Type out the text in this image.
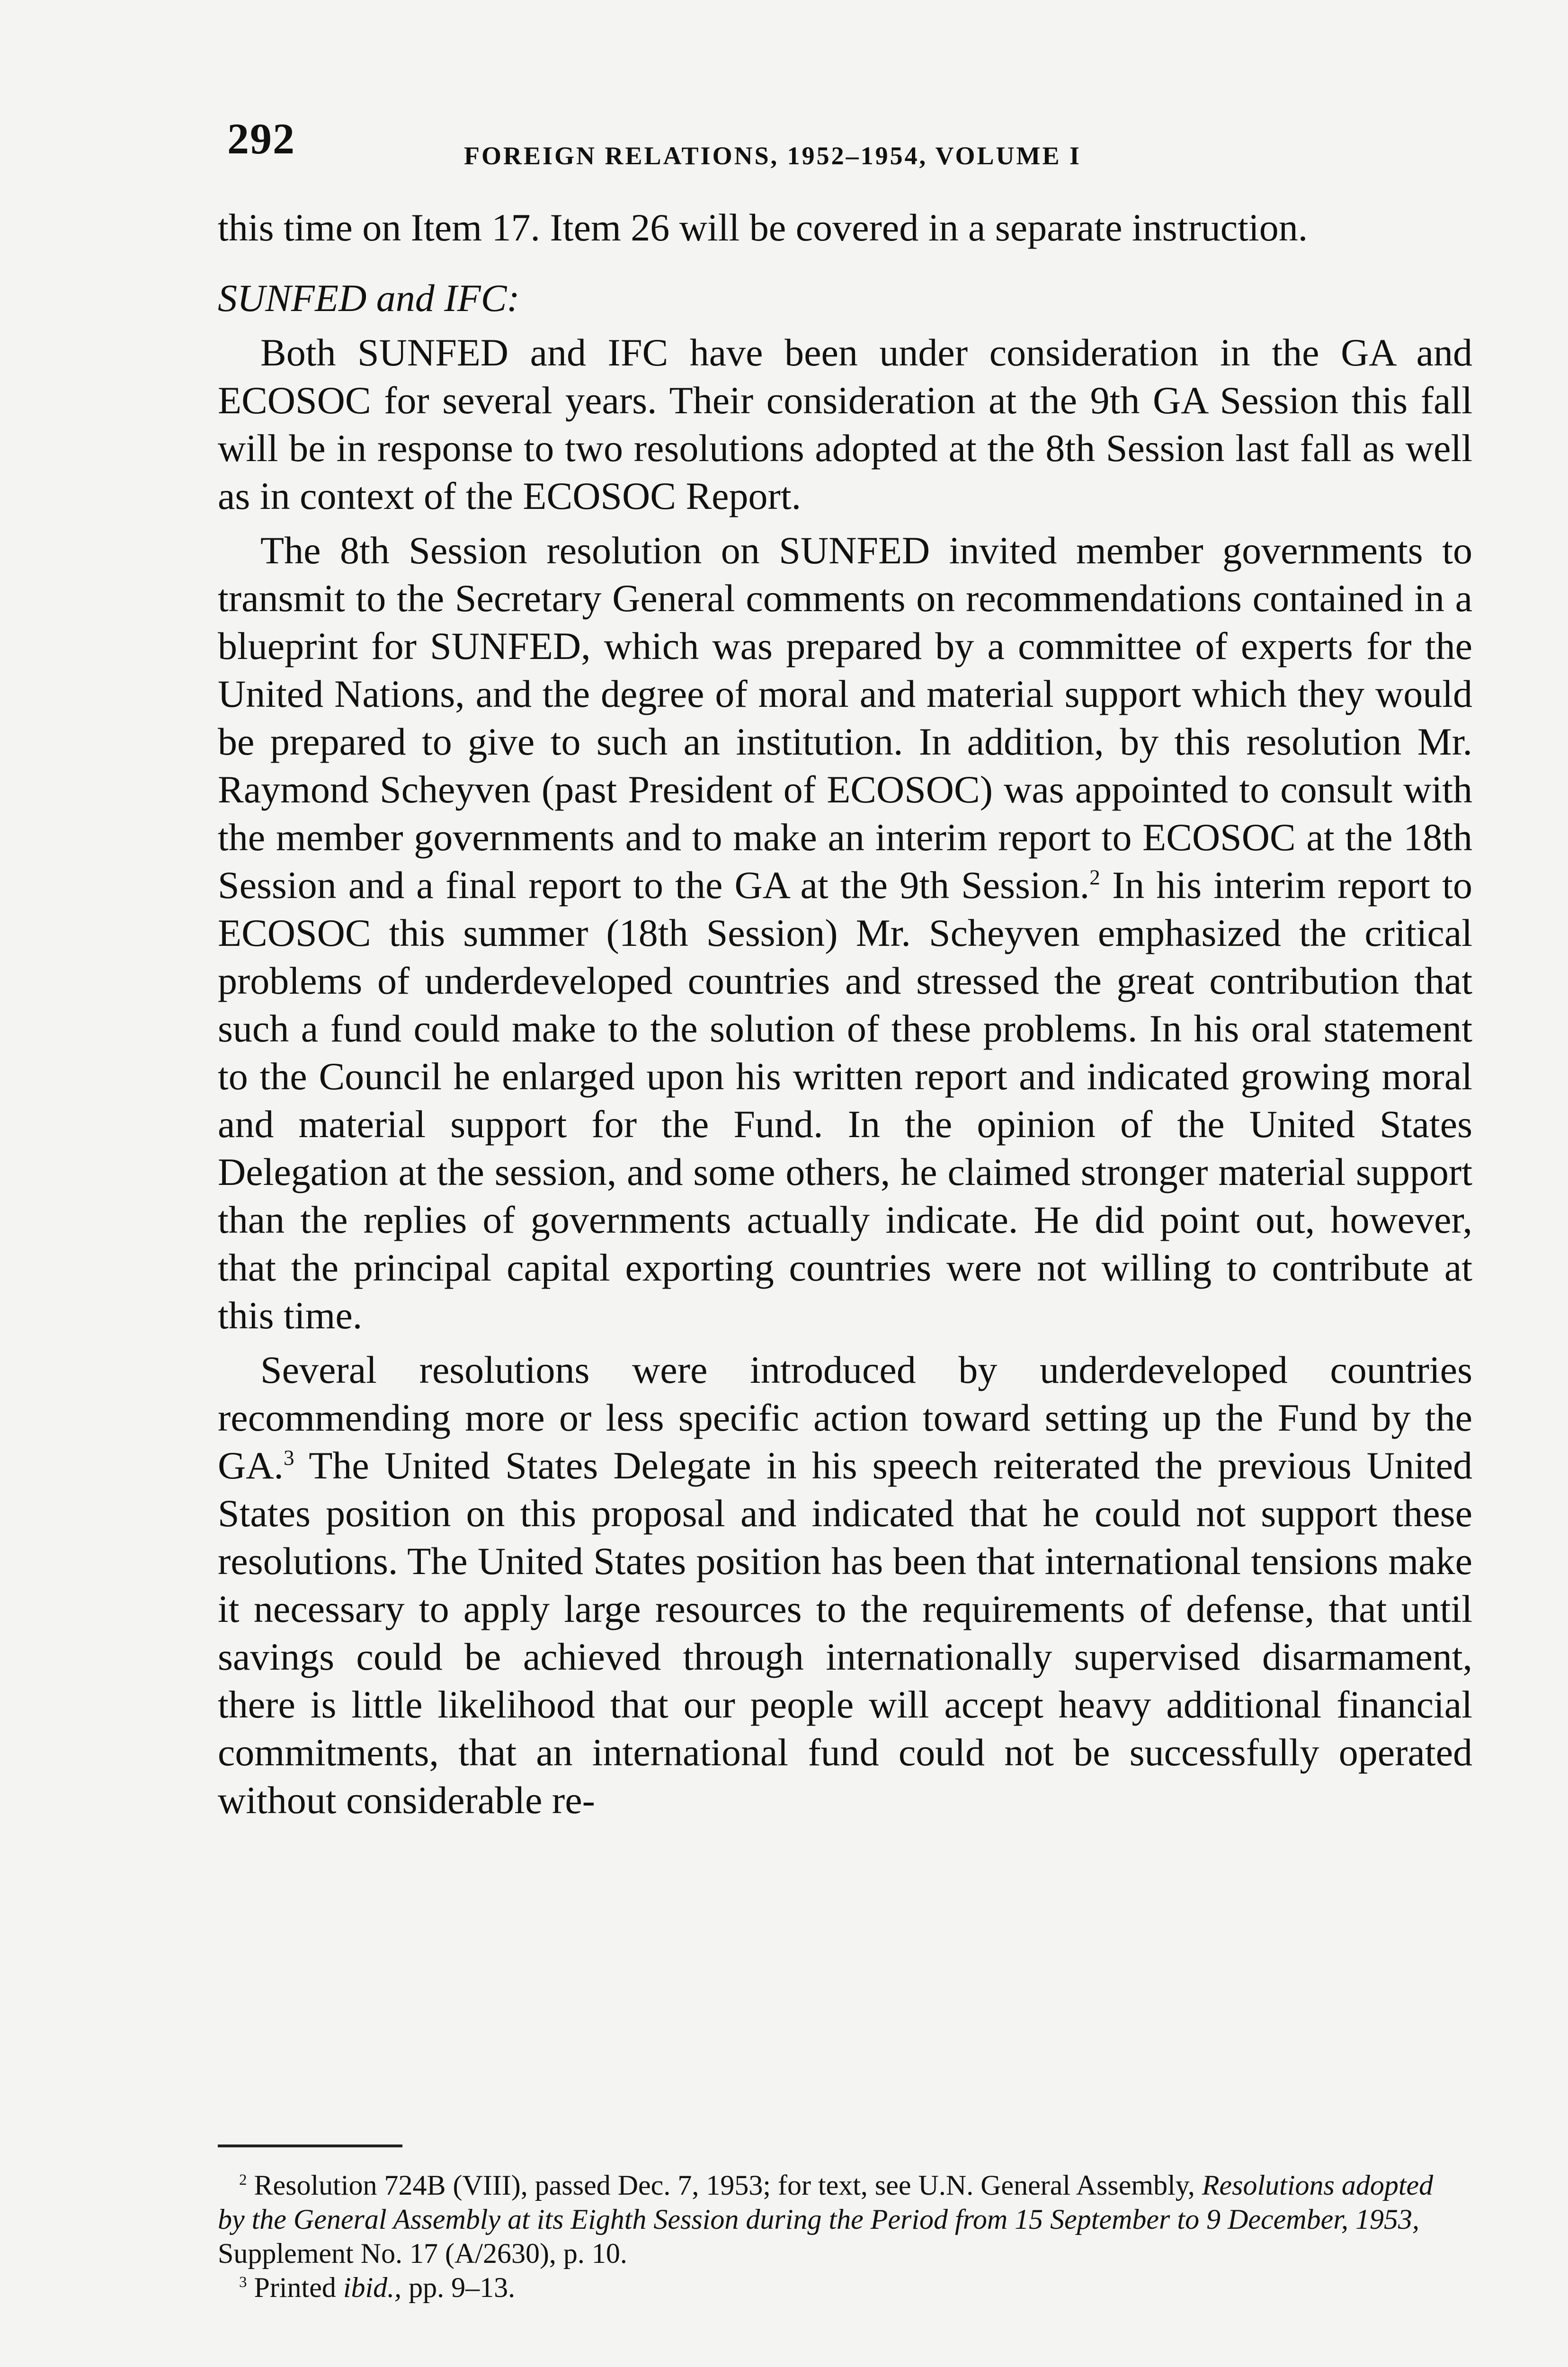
292	FOREIGN RELATIONS, 1952–1954, VOLUME I

this time on Item 17. Item 26 will be covered in a separate instruction.

SUNFED and IFC:

Both SUNFED and IFC have been under consideration in the GA and ECOSOC for several years. Their consideration at the 9th GA Session this fall will be in response to two resolutions adopted at the 8th Session last fall as well as in context of the ECOSOC Report.

The 8th Session resolution on SUNFED invited member governments to transmit to the Secretary General comments on recommendations contained in a blueprint for SUNFED, which was prepared by a committee of experts for the United Nations, and the degree of moral and material support which they would be prepared to give to such an institution. In addition, by this resolution Mr. Raymond Scheyven (past President of ECOSOC) was appointed to consult with the member governments and to make an interim report to ECOSOC at the 18th Session and a final report to the GA at the 9th Session.$^2$ In his interim report to ECOSOC this summer (18th Session) Mr. Scheyven emphasized the critical problems of underdeveloped countries and stressed the great contribution that such a fund could make to the solution of these problems. In his oral statement to the Council he enlarged upon his written report and indicated growing moral and material support for the Fund. In the opinion of the United States Delegation at the session, and some others, he claimed stronger material support than the replies of governments actually indicate. He did point out, however, that the principal capital exporting countries were not willing to contribute at this time.

Several resolutions were introduced by underdeveloped countries recommending more or less specific action toward setting up the Fund by the GA.$^3$ The United States Delegate in his speech reiterated the previous United States position on this proposal and indicated that he could not support these resolutions. The United States position has been that international tensions make it necessary to apply large resources to the requirements of defense, that until savings could be achieved through internationally supervised disarmament, there is little likelihood that our people will accept heavy additional financial commitments, that an international fund could not be successfully operated without considerable re-

$^2$ Resolution 724B (VIII), passed Dec. 7, 1953; for text, see U.N. General Assembly, Resolutions adopted by the General Assembly at its Eighth Session during the Period from 15 September to 9 December, 1953, Supplement No. 17 (A/2630), p. 10.

$^3$ Printed ibid., pp. 9–13.
